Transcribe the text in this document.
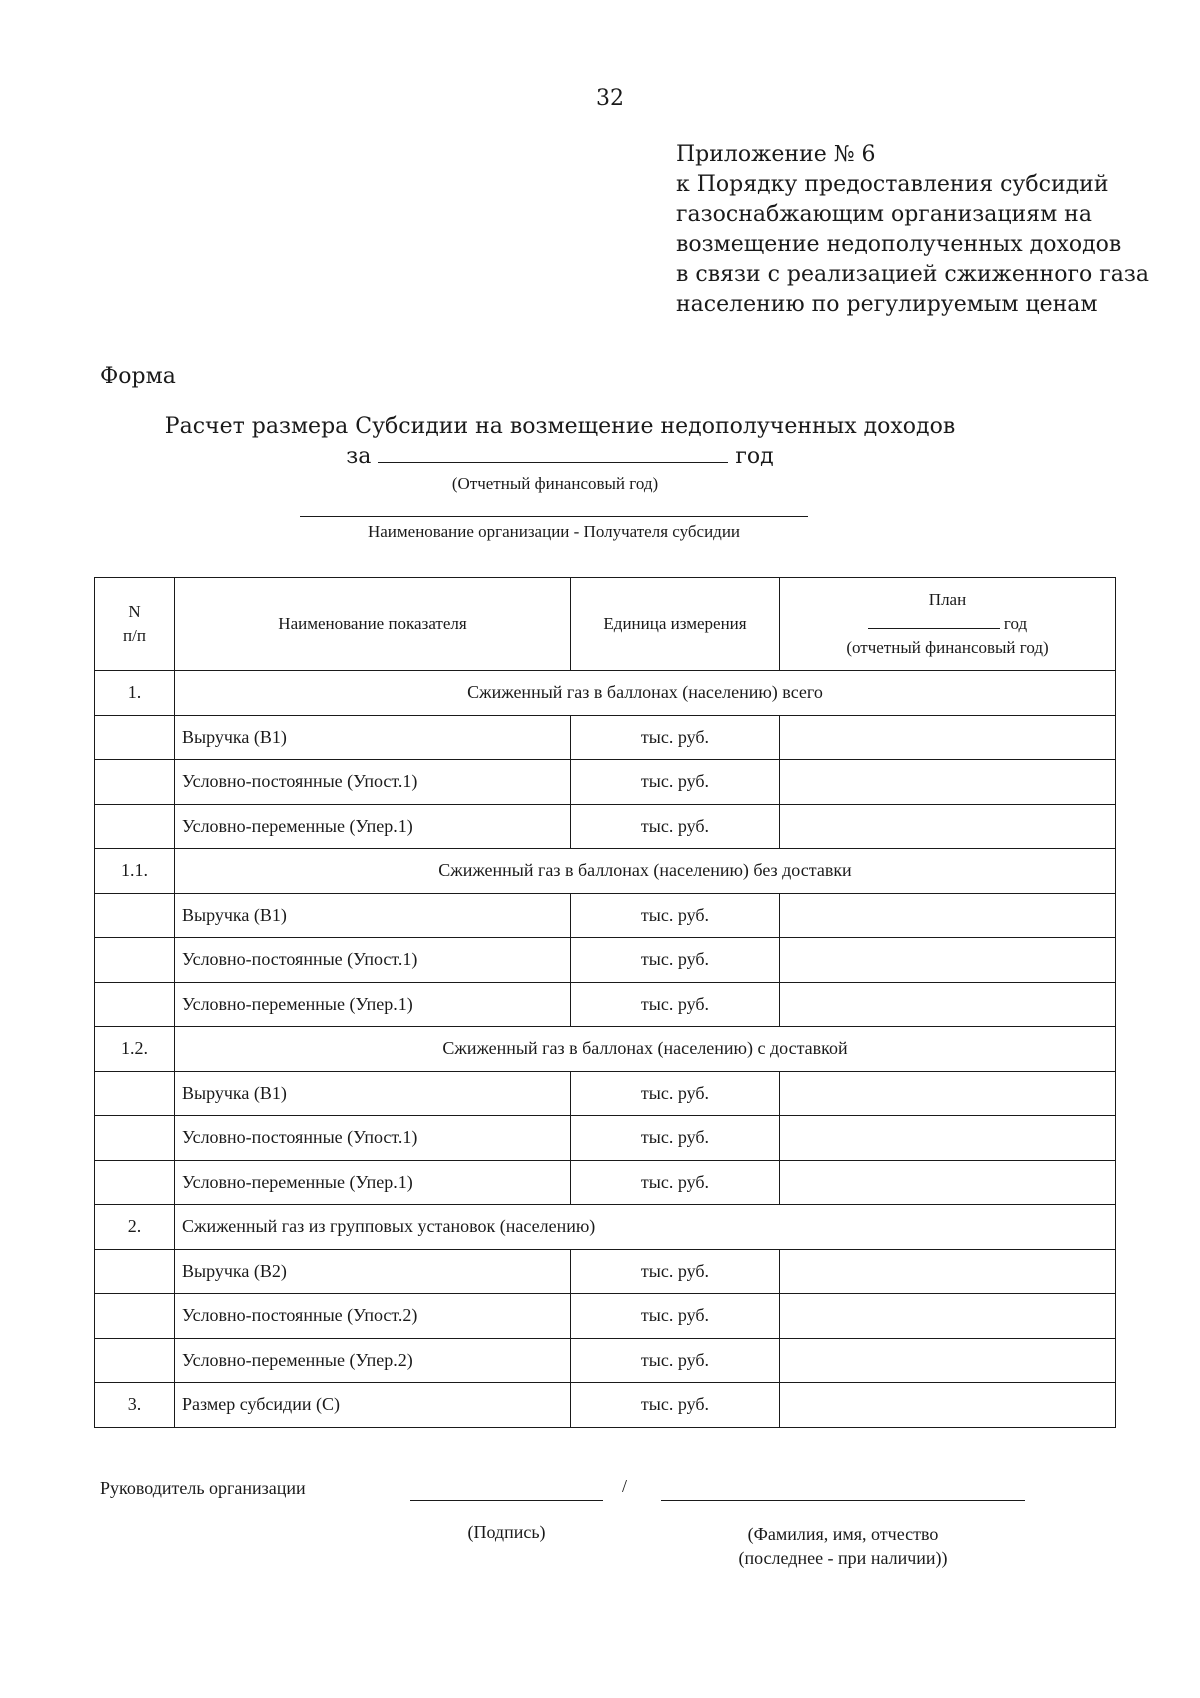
32
Приложение № 6
к Порядку предоставления субсидий
газоснабжающим организациям на
возмещение недополученных доходов
в связи с реализацией сжиженного газа
населению по регулируемым ценам
Форма
Расчет размера Субсидии на возмещение недополученных доходов
за	год
(Отчетный финансовый год)
Наименование организации - Получателя субсидии
N
п/п	Наименование показателя	Единица измерения	План
год
(отчетный финансовый год)
1.	Сжиженный газ в баллонах (населению) всего		
	Выручка (В1)	тыс. руб.	
	Условно-постоянные (Упост.1)	тыс. руб.	
	Условно-переменные (Упер.1)	тыс. руб.	
1.1.	Сжиженный газ в баллонах (населению) без доставки		
	Выручка (В1)	тыс. руб.	
	Условно-постоянные (Упост.1)	тыс. руб.	
	Условно-переменные (Упер.1)	тыс. руб.	
1.2.	Сжиженный газ в баллонах (населению) с доставкой		
	Выручка (В1)	тыс. руб.	
	Условно-постоянные (Упост.1)	тыс. руб.	
	Условно-переменные (Упер.1)	тыс. руб.	
2.	Сжиженный газ из групповых установок (населению)		
	Выручка (В2)	тыс. руб.	
	Условно-постоянные (Упост.2)	тыс. руб.	
	Условно-переменные (Упер.2)	тыс. руб.	
3.	Размер субсидии (С)	тыс. руб.	
Руководитель организации	/
(Подпись)	(Фамилия, имя, отчество
(последнее - при наличии))
